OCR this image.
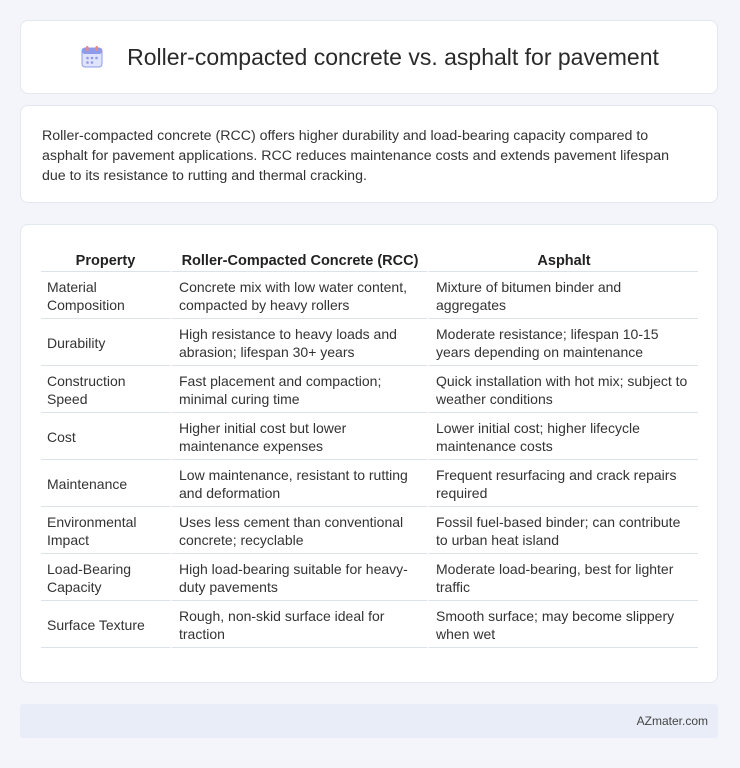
Roller-compacted concrete vs. asphalt for pavement

Roller-compacted concrete (RCC) offers higher durability and load-bearing capacity compared to asphalt for pavement applications. RCC reduces maintenance costs and extends pavement lifespan due to its resistance to rutting and thermal cracking.

Property	Roller-Compacted Concrete (RCC)	Asphalt
Material Composition	Concrete mix with low water content, compacted by heavy rollers	Mixture of bitumen binder and aggregates
Durability	High resistance to heavy loads and abrasion; lifespan 30+ years	Moderate resistance; lifespan 10-15 years depending on maintenance
Construction Speed	Fast placement and compaction; minimal curing time	Quick installation with hot mix; subject to weather conditions
Cost	Higher initial cost but lower maintenance expenses	Lower initial cost; higher lifecycle maintenance costs
Maintenance	Low maintenance, resistant to rutting and deformation	Frequent resurfacing and crack repairs required
Environmental Impact	Uses less cement than conventional concrete; recyclable	Fossil fuel-based binder; can contribute to urban heat island
Load-Bearing Capacity	High load-bearing suitable for heavy-duty pavements	Moderate load-bearing, best for lighter traffic
Surface Texture	Rough, non-skid surface ideal for traction	Smooth surface; may become slippery when wet
AZmater.com
